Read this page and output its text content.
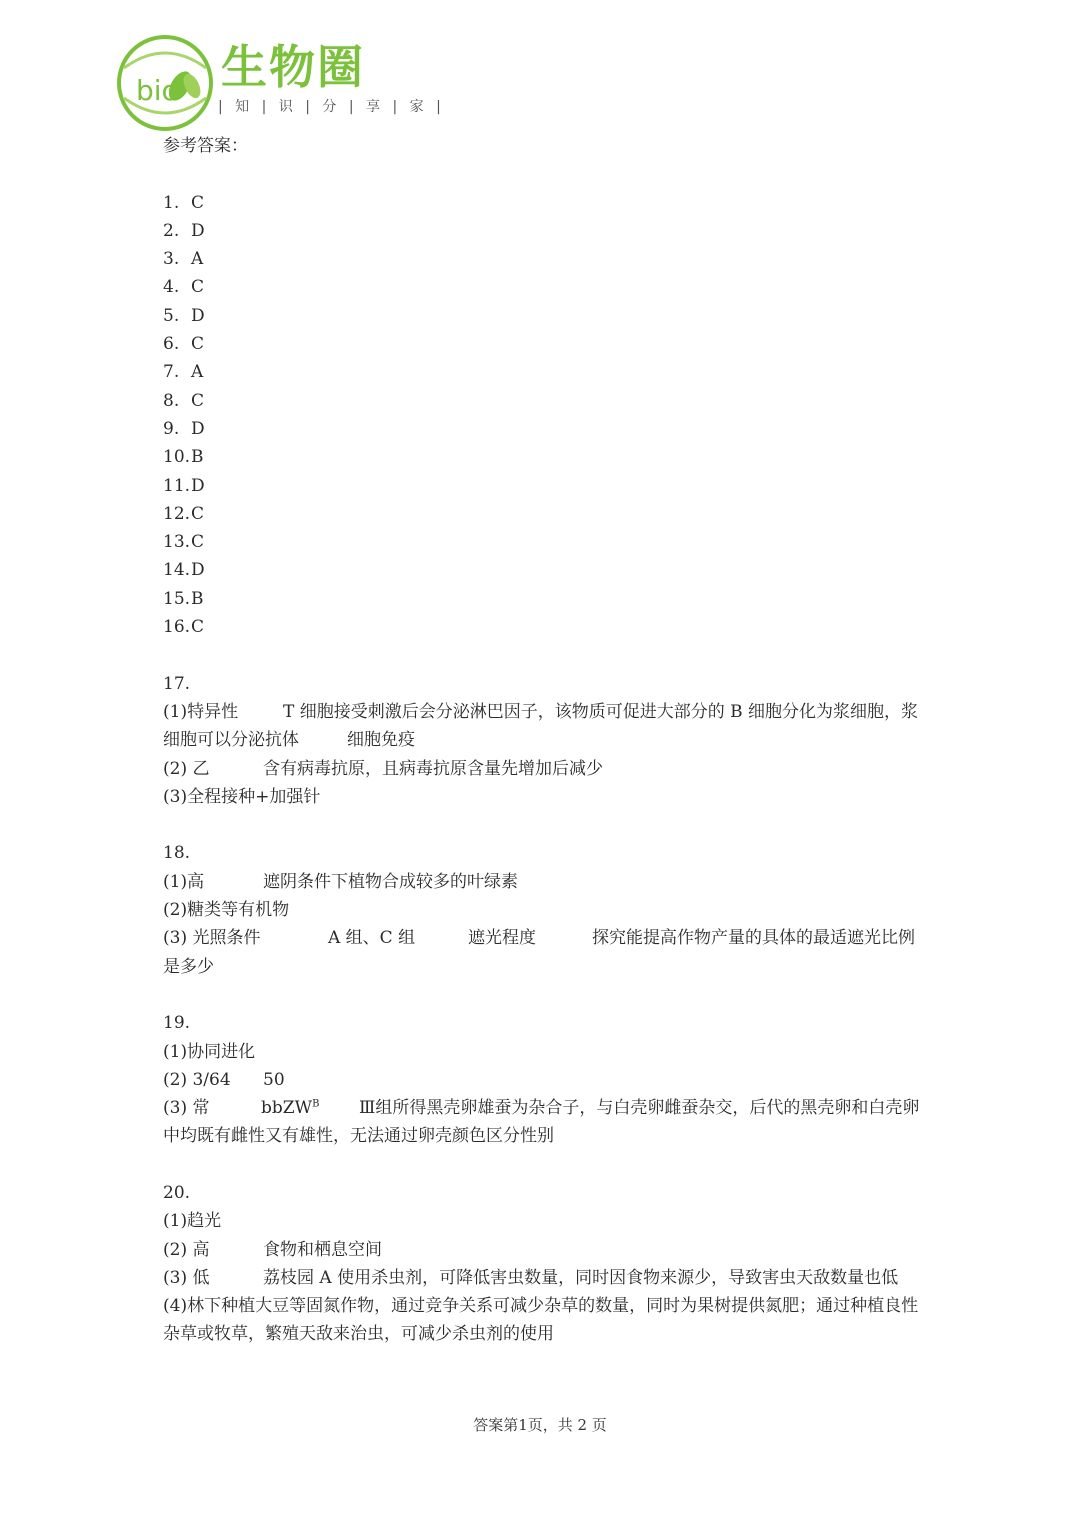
bio 生物圈
| 知 | 识 | 分 | 享 | 家 |
参考答案：
1. C
2. D
3. A
4. C
5. D
6. C
7. A
8. C
9. D
10.B
11.D
12.C
13.C
14.D
15.B
16.C
17.
(1)特异性	T 细胞接受刺激后会分泌淋巴因子，该物质可促进大部分的 B 细胞分化为浆细胞，浆细胞可以分泌抗体	细胞免疫
(2) 乙	含有病毒抗原，且病毒抗原含量先增加后减少
(3)全程接种+加强针
18.
(1)高	遮阴条件下植物合成较多的叶绿素
(2)糖类等有机物
(3) 光照条件	A 组、C 组	遮光程度	探究能提高作物产量的具体的最适遮光比例是多少
19.
(1)协同进化
(2) 3/64 50
(3) 常	bbZW$^B$ Ⅲ组所得黑壳卵雄蚕为杂合子，与白壳卵雌蚕杂交，后代的黑壳卵和白壳卵中均既有雌性又有雄性，无法通过卵壳颜色区分性别
20.
(1)趋光
(2) 高	食物和栖息空间
(3) 低	荔枝园 A 使用杀虫剂，可降低害虫数量，同时因食物来源少，导致害虫天敌数量也低
(4)林下种植大豆等固氮作物，通过竞争关系可减少杂草的数量，同时为果树提供氮肥；通过种植良性杂草或牧草，繁殖天敌来治虫，可减少杀虫剂的使用
答案第1页，共 2 页
